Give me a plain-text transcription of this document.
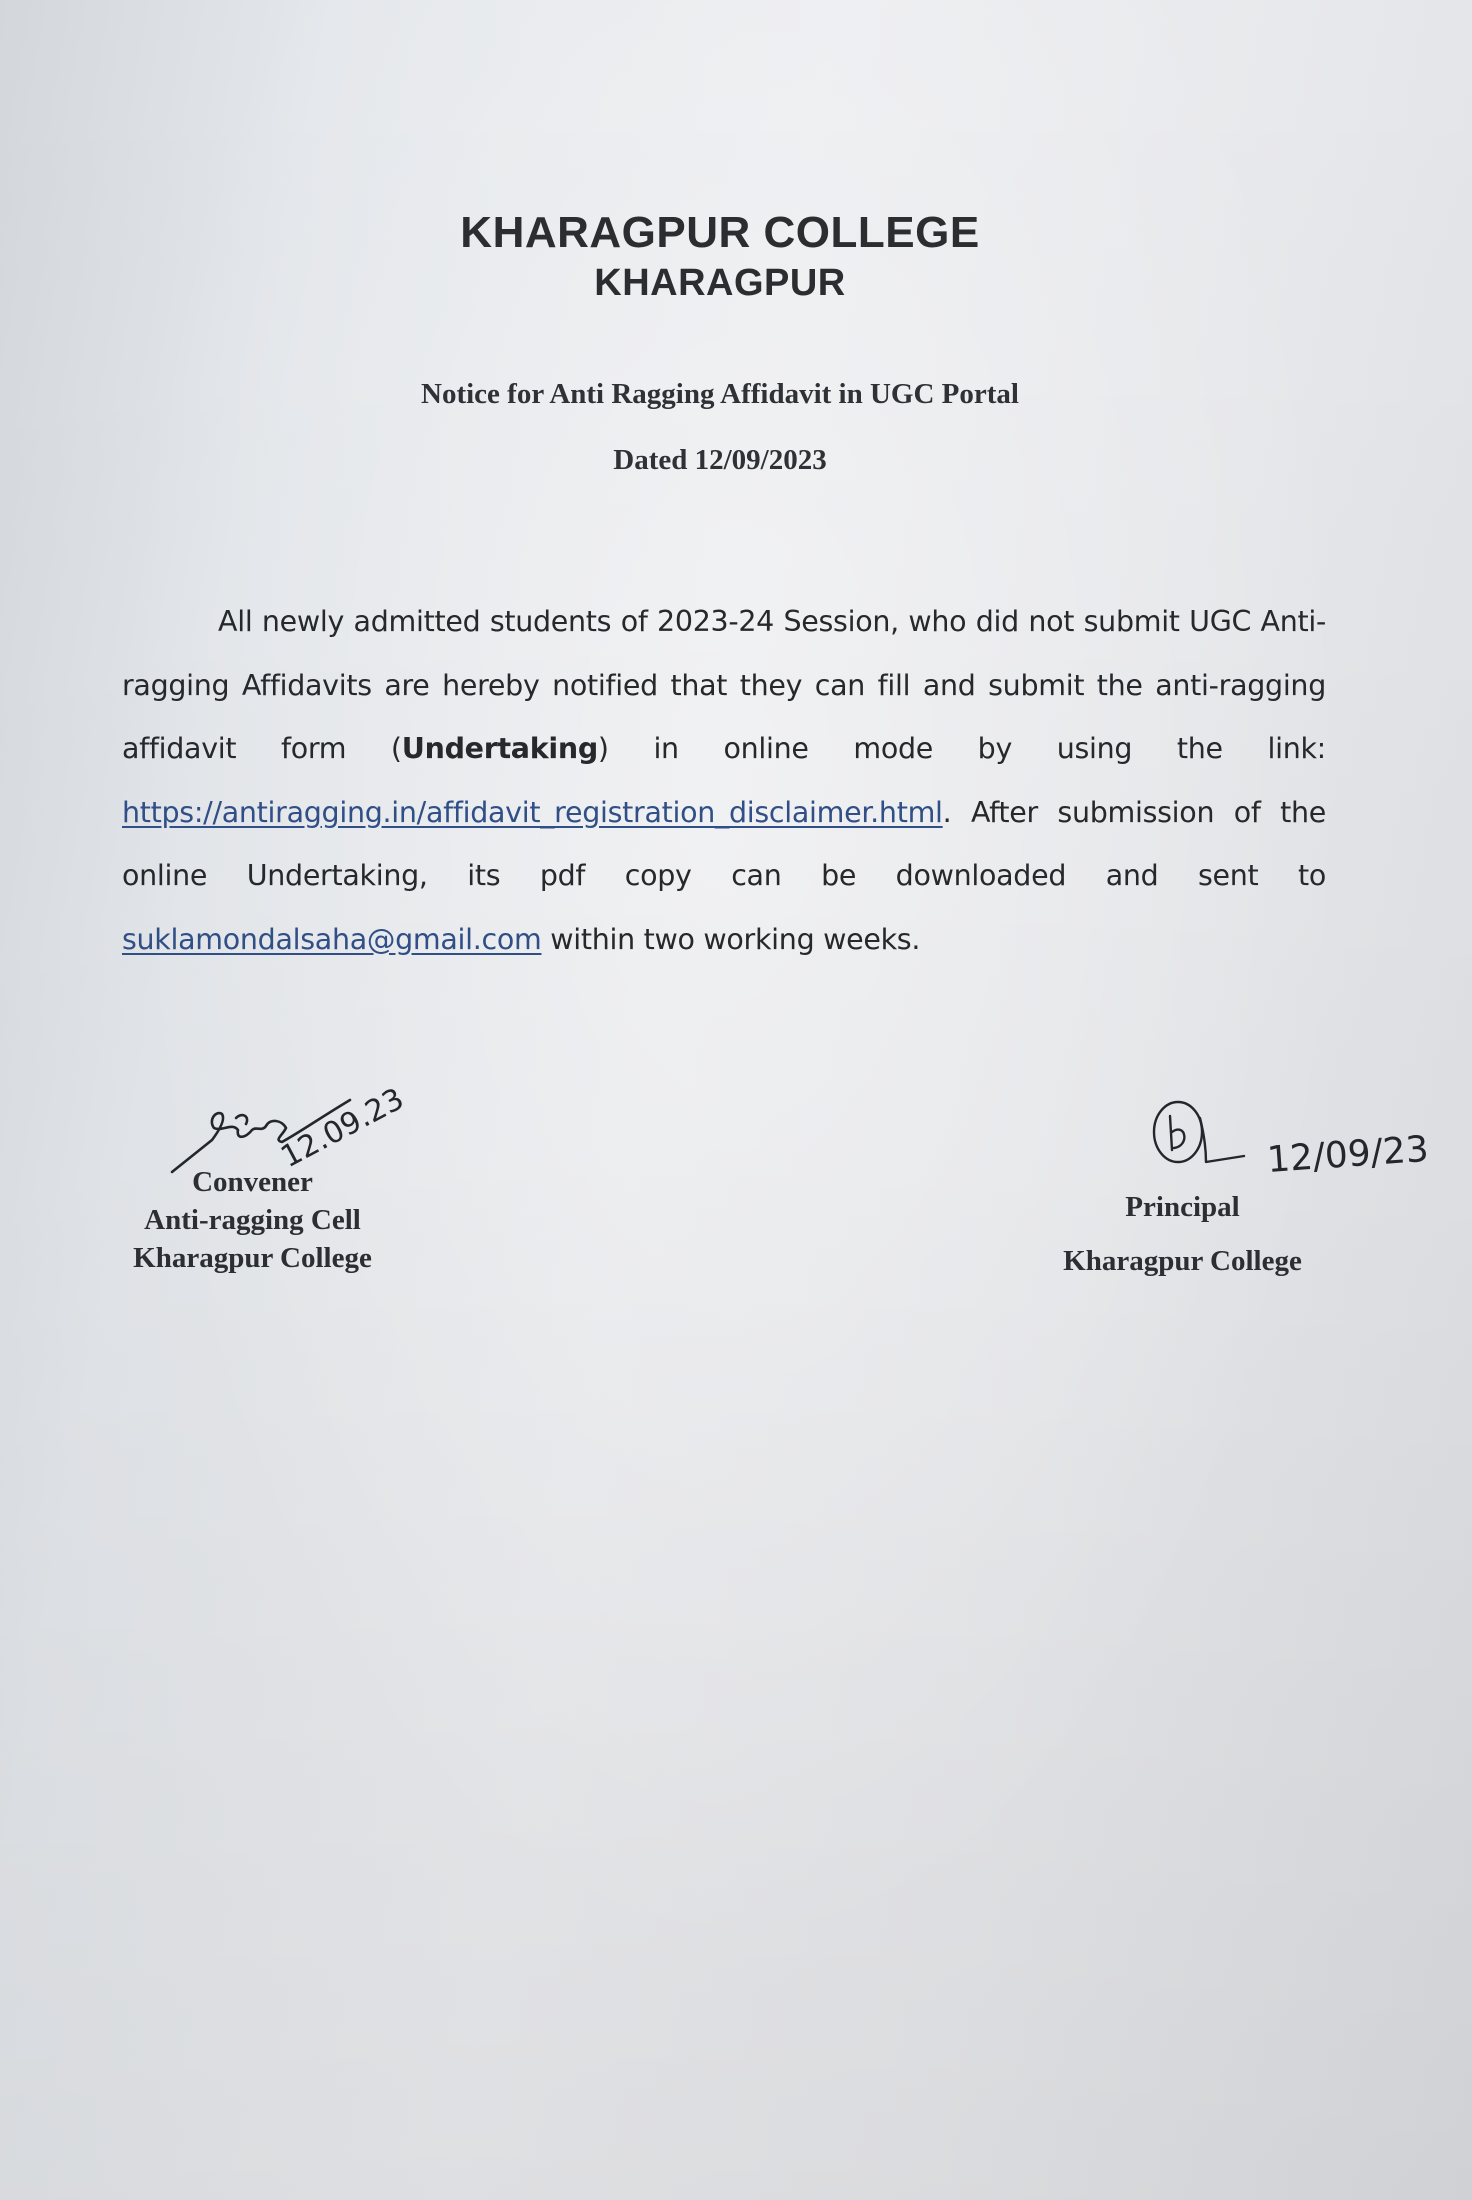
KHARAGPUR COLLEGE
KHARAGPUR
Notice for Anti Ragging Affidavit in UGC Portal
Dated 12/09/2023
All newly admitted students of 2023-24 Session, who did not submit UGC Anti-ragging Affidavits are hereby notified that they can fill and submit the anti-ragging affidavit form (Undertaking) in online mode by using the link: https://antiragging.in/affidavit_registration_disclaimer.html. After submission of the online Undertaking, its pdf copy can be downloaded and sent to suklamondalsaha@gmail.com within two working weeks.
12.09.23	12/09/23
Convener
Anti-ragging Cell
Kharagpur College
Principal
Kharagpur College
